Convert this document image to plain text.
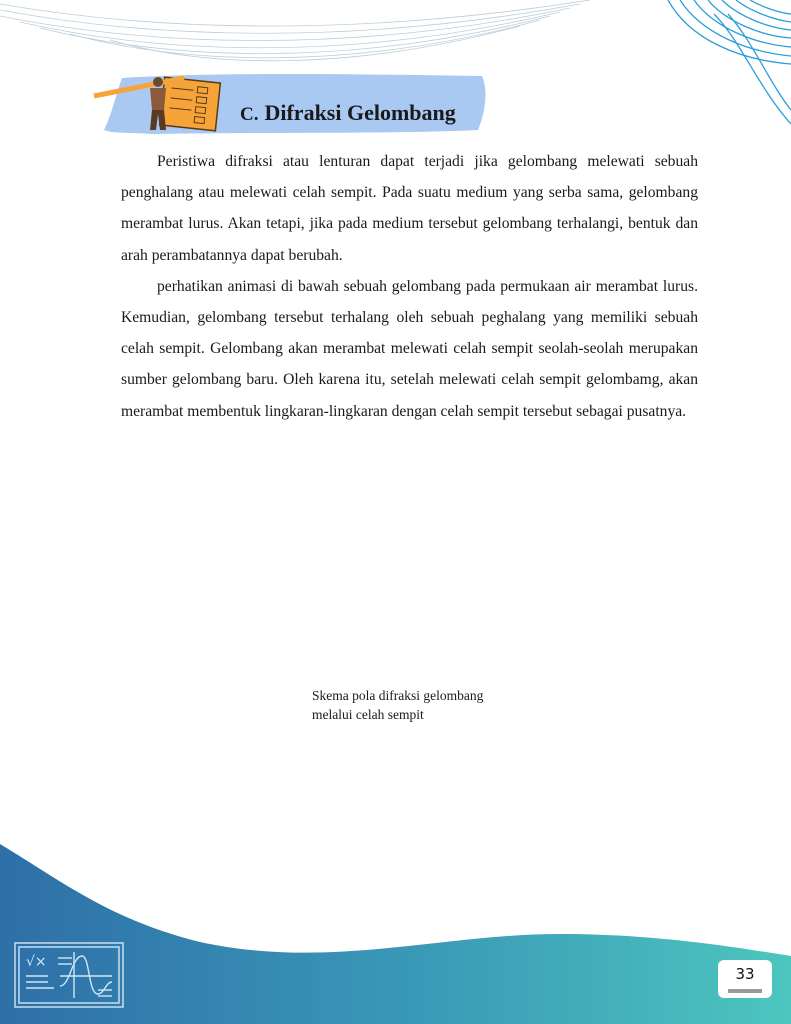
C. Difraksi Gelombang

Peristiwa difraksi atau lenturan dapat terjadi jika gelombang melewati sebuah penghalang atau melewati celah sempit. Pada suatu medium yang serba sama, gelombang merambat lurus. Akan tetapi, jika pada medium tersebut gelombang terhalangi, bentuk dan arah perambatannya dapat berubah.

perhatikan animasi di bawah sebuah gelombang pada permukaan air merambat lurus. Kemudian, gelombang tersebut terhalang oleh sebuah peghalang yang memiliki sebuah celah sempit. Gelombang akan merambat melewati celah sempit seolah-seolah merupakan sumber gelombang baru. Oleh karena itu, setelah melewati celah sempit gelombamg, akan merambat membentuk lingkaran-lingkaran dengan celah sempit tersebut sebagai pusatnya.

Skema pola difraksi gelombang
melalui celah sempit
√×
33
